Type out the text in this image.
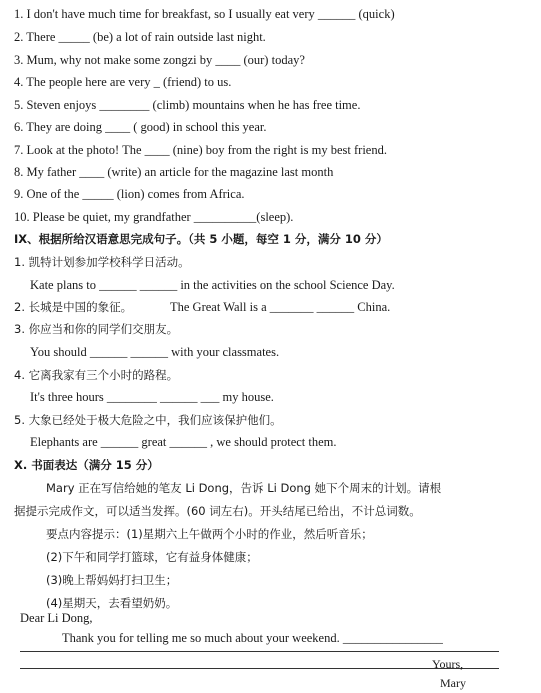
1. I don't have much time for breakfast, so I usually eat very ______ (quick)
2. There _____ (be) a lot of rain outside last night.
3. Mum, why not make some zongzi by ____ (our) today?
4. The people here are very _ (friend) to us.
5. Steven enjoys ________ (climb) mountains when he has free time.
6. They are doing ____ ( good) in school this year.
7. Look at the photo! The ____ (nine) boy from the right is my best friend.
8. My father ____ (write) an article for the magazine last month
9. One of the _____ (lion) comes from Africa.
10. Please be quiet, my grandfather __________(sleep).
IX、根据所给汉语意思完成句子。（共 5 小题，每空 1 分，满分 10 分）
1. 凯特计划参加学校科学日活动。
Kate plans to ______ ______ in the activities on the school Science Day.
2. 长城是中国的象征。	The Great Wall is a _______ ______ China.
3. 你应当和你的同学们交朋友。
You should ______ ______ with your classmates.
4. 它离我家有三个小时的路程。
It's three hours ________ ______ ___ my house.
5. 大象已经处于极大危险之中，我们应该保护他们。
Elephants are ______ great ______ , we should protect them.
X. 书面表达（满分 15 分）
Mary 正在写信给她的笔友 Li Dong，告诉 Li Dong 她下个周末的计划。请根
据提示完成作文，可以适当发挥。(60 词左右)。开头结尾已给出，不计总词数。
要点内容提示：(1)星期六上午做两个小时的作业，然后听音乐；
(2)下午和同学打篮球，它有益身体健康；
(3)晚上帮妈妈打扫卫生；
(4)星期天，去看望奶奶。
Dear Li Dong,
Thank you for telling me so much about your weekend. ________________
Yours,
Mary
